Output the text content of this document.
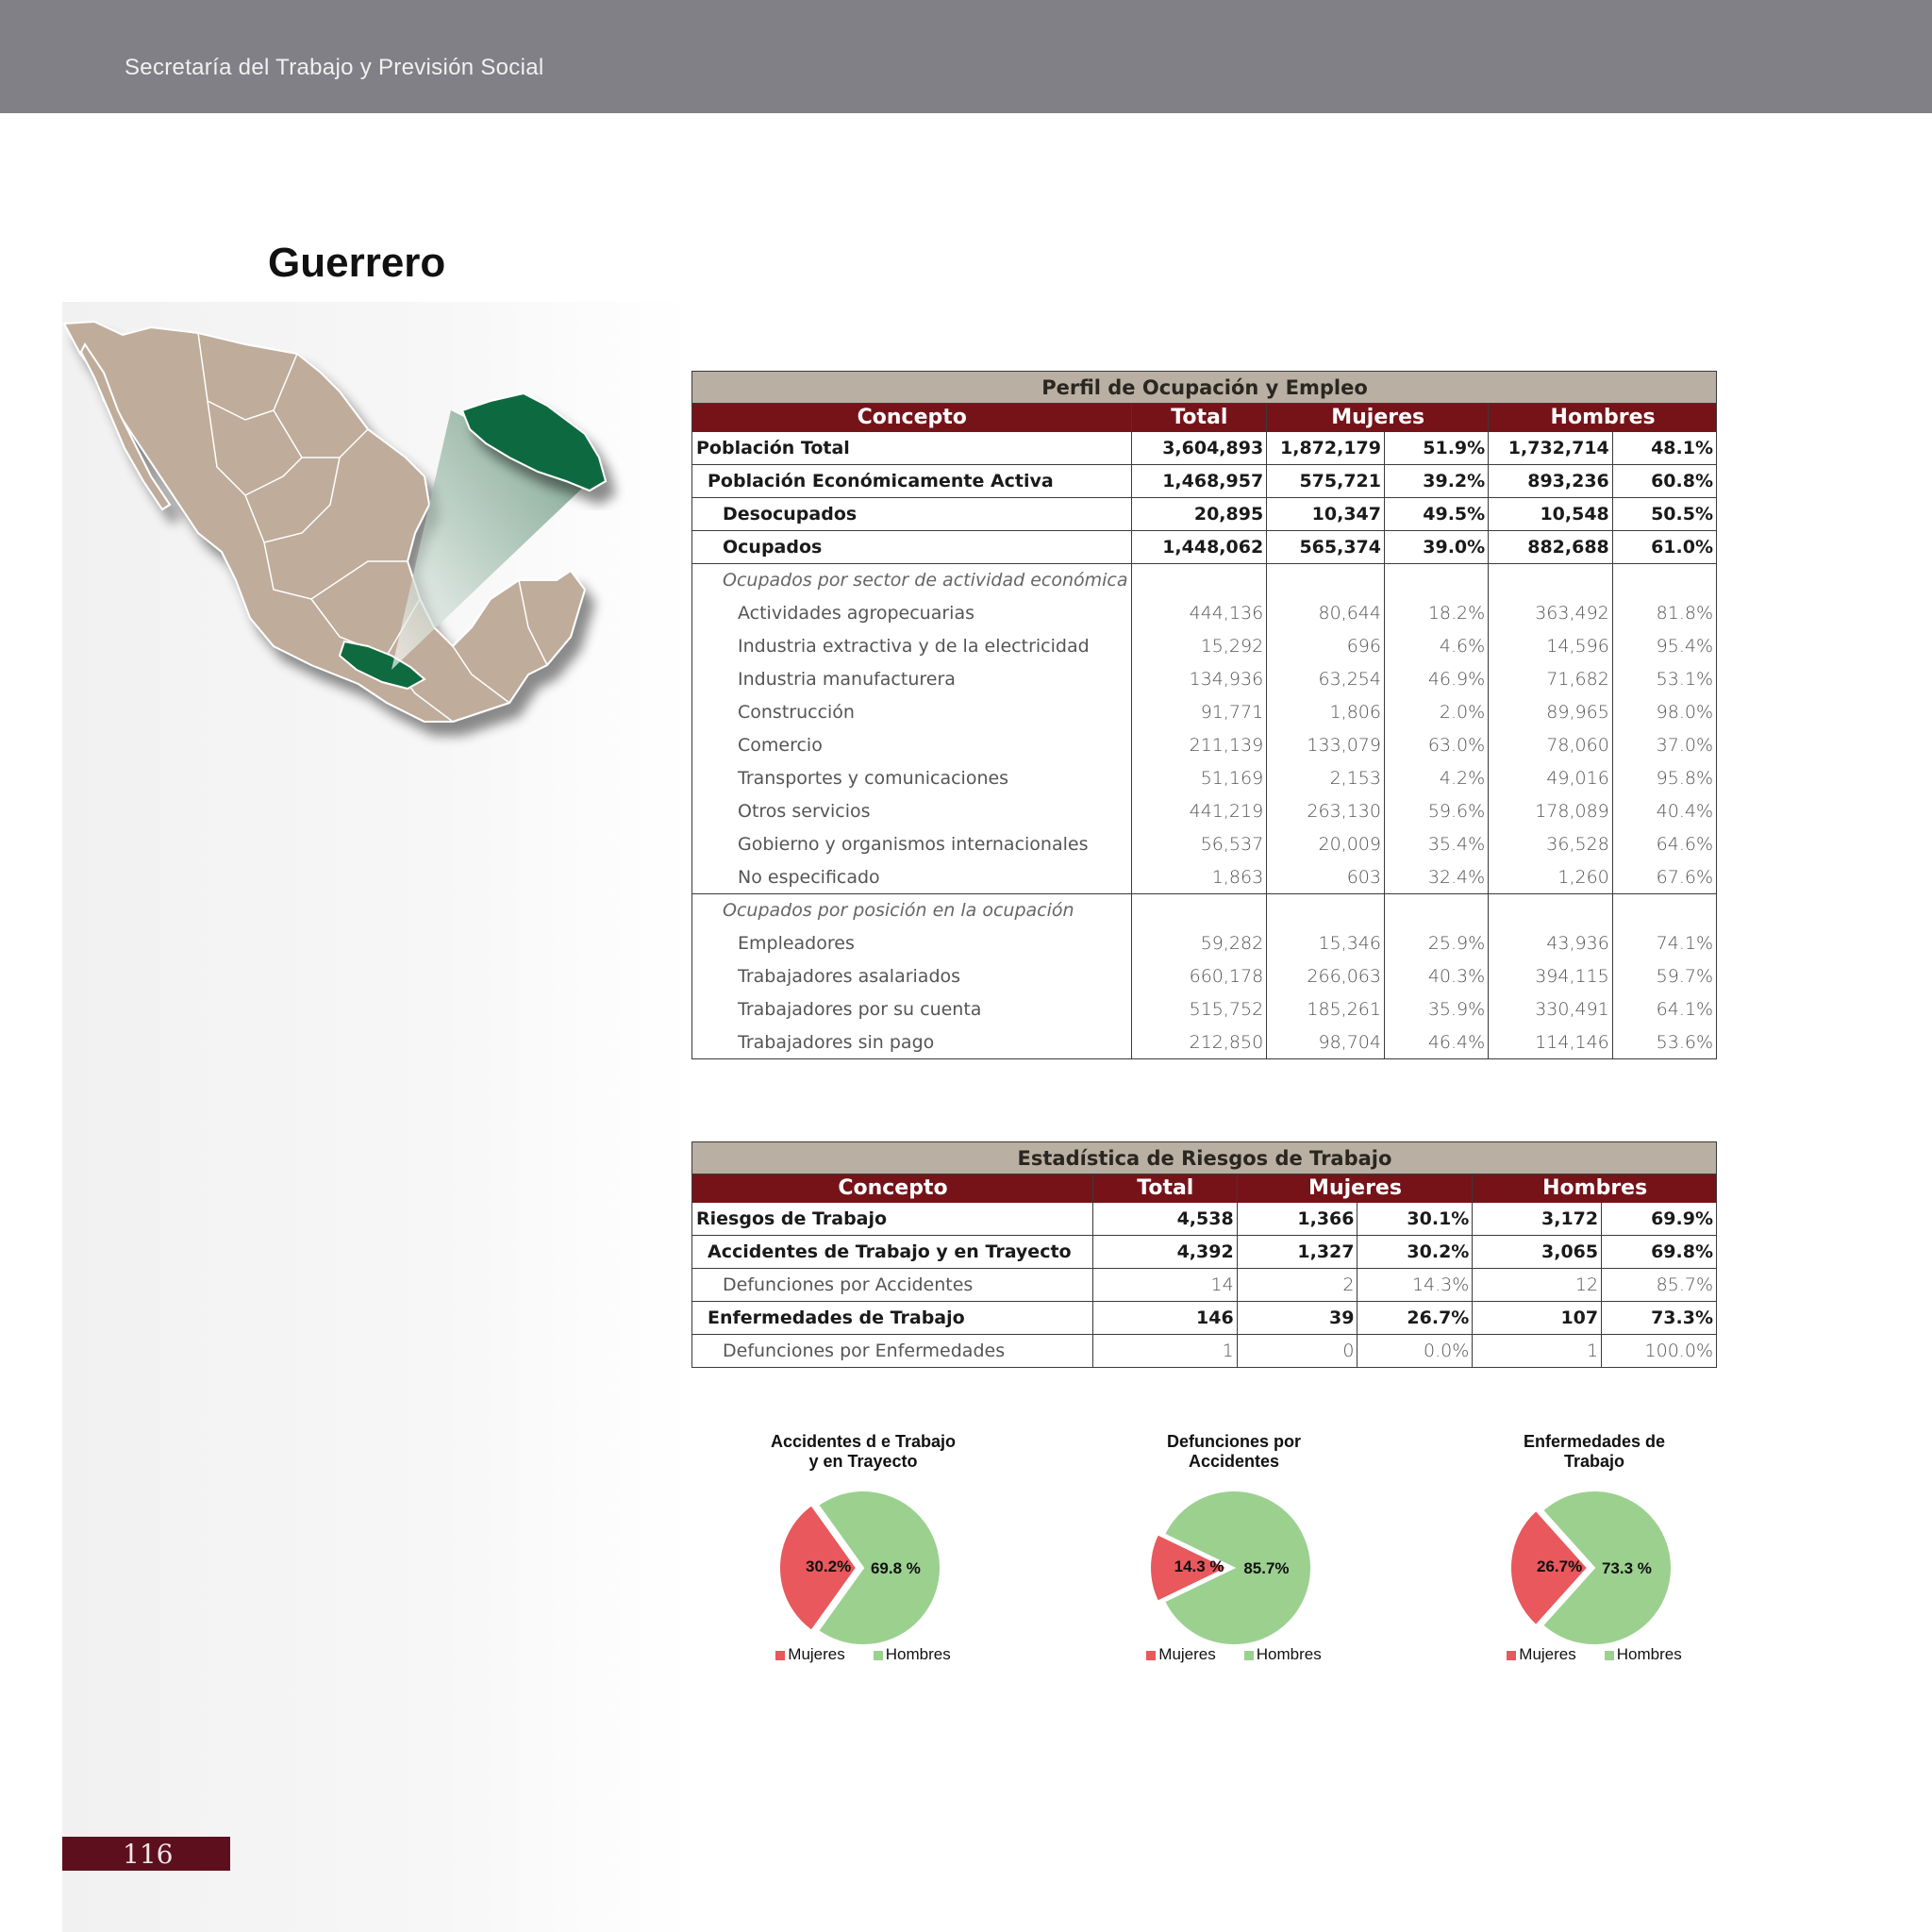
Secretaría del Trabajo y Previsión Social
Guerrero
Perfil de Ocupación y Empleo					
Concepto	Total	Mujeres		Hombres	
Población Total	3,604,893	1,872,179	51.9%	1,732,714	48.1%
Población Económicamente Activa	1,468,957	575,721	39.2%	893,236	60.8%
Desocupados	20,895	10,347	49.5%	10,548	50.5%
Ocupados	1,448,062	565,374	39.0%	882,688	61.0%
Ocupados por sector de actividad económica					
Actividades agropecuarias	444,136	80,644	18.2%	363,492	81.8%
Industria extractiva y de la electricidad	15,292	696	4.6%	14,596	95.4%
Industria manufacturera	134,936	63,254	46.9%	71,682	53.1%
Construcción	91,771	1,806	2.0%	89,965	98.0%
Comercio	211,139	133,079	63.0%	78,060	37.0%
Transportes y comunicaciones	51,169	2,153	4.2%	49,016	95.8%
Otros servicios	441,219	263,130	59.6%	178,089	40.4%
Gobierno y organismos internacionales	56,537	20,009	35.4%	36,528	64.6%
No especificado	1,863	603	32.4%	1,260	67.6%
Ocupados por posición en la ocupación					
Empleadores	59,282	15,346	25.9%	43,936	74.1%
Trabajadores asalariados	660,178	266,063	40.3%	394,115	59.7%
Trabajadores por su cuenta	515,752	185,261	35.9%	330,491	64.1%
Trabajadores sin pago	212,850	98,704	46.4%	114,146	53.6%
Estadística de Riesgos de Trabajo					
Concepto	Total	Mujeres		Hombres	
Riesgos de Trabajo	4,538	1,366	30.1%	3,172	69.9%
Accidentes de Trabajo y en Trayecto	4,392	1,327	30.2%	3,065	69.8%
Defunciones por Accidentes	14	2	14.3%	12	85.7%
Enfermedades de Trabajo	146	39	26.7%	107	73.3%
Defunciones por Enfermedades	1	0	0.0%	1	100.0%
Accidentes d e Trabajo
y en Trayecto
30.2% 69.8 %
Mujeres	Hombres
Defunciones por
Accidentes
14.3 % 85.7%
Mujeres	Hombres
Enfermedades de
Trabajo
26.7% 73.3 %
Mujeres	Hombres
116
